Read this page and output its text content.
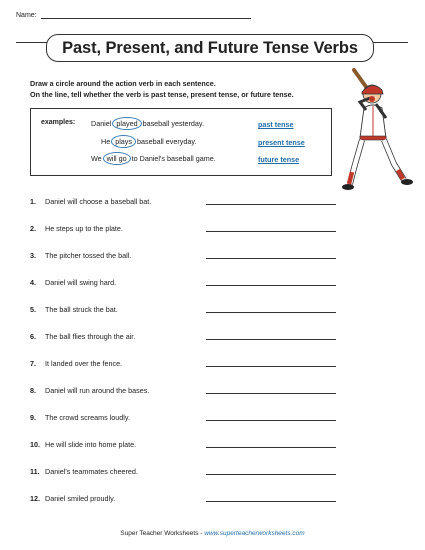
Name:
Past, Present, and Future Tense Verbs
Draw a circle around the action verb in each sentence.
On the line, tell whether the verb is past tense, present tense, or future tense.
examples: Daniel played baseball yesterday.	past tense
He plays baseball everyday.	present tense
We will go to Daniel's baseball game.	future tense
1.	Daniel will choose a baseball bat.
2.	He steps up to the plate.
3.	The pitcher tossed the ball.
4.	Daniel will swing hard.
5.	The ball struck the bat.
6.	The ball flies through the air.
7.	It landed over the fence.
8.	Daniel will run around the bases.
9.	The crowd screams loudly.
10. He will slide into home plate.
11. Daniel's teammates cheered.
12. Daniel smiled proudly.
Super Teacher Worksheets - www.superteacherworksheets.com
